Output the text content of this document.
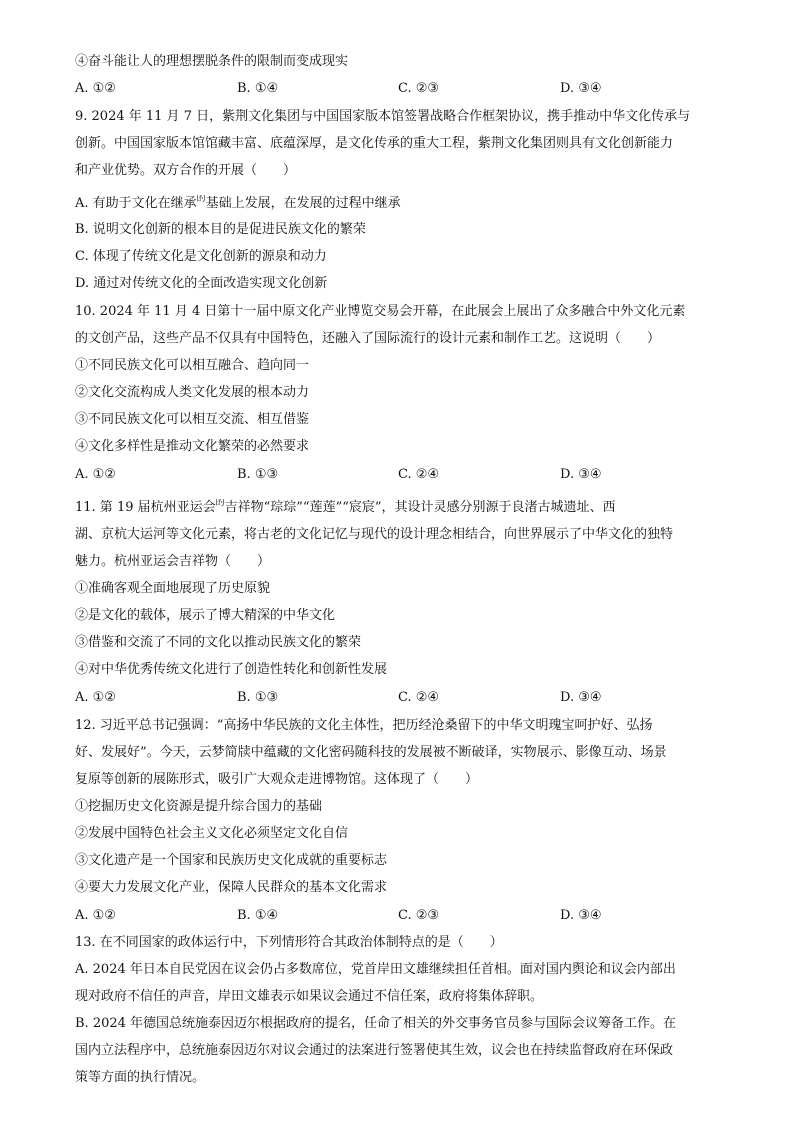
④奋斗能让人的理想摆脱条件的限制而变成现实
A. ①②	B. ①④	C. ②③	D. ③④
9. 2024 年 11 月 7 日，紫荆文化集团与中国国家版本馆签署战略合作框架协议，携手推动中华文化传承与
创新。中国国家版本馆馆藏丰富、底蕴深厚，是文化传承的重大工程，紫荆文化集团则具有文化创新能力
和产业优势。双方合作的开展（　　）
A. 有助于文化在继承$^的$基础上发展，在发展的过程中继承
B. 说明文化创新的根本目的是促进民族文化的繁荣
C. 体现了传统文化是文化创新的源泉和动力
D. 通过对传统文化的全面改造实现文化创新
10. 2024 年 11 月 4 日第十一届中原文化产业博览交易会开幕，在此展会上展出了众多融合中外文化元素
的文创产品，这些产品不仅具有中国特色，还融入了国际流行的设计元素和制作工艺。这说明（　　）
①不同民族文化可以相互融合、趋向同一
②文化交流构成人类文化发展的根本动力
③不同民族文化可以相互交流、相互借鉴
④文化多样性是推动文化繁荣的必然要求
A. ①②	B. ①③	C. ②④	D. ③④
11. 第 19 届杭州亚运会$^的$吉祥物“琮琮”“莲莲”“宸宸”，其设计灵感分别源于良渚古城遗址、西
湖、京杭大运河等文化元素，将古老的文化记忆与现代的设计理念相结合，向世界展示了中华文化的独特
魅力。杭州亚运会吉祥物（　　）
①准确客观全面地展现了历史原貌
②是文化的载体，展示了博大精深的中华文化
③借鉴和交流了不同的文化以推动民族文化的繁荣
④对中华优秀传统文化进行了创造性转化和创新性发展
A. ①②	B. ①③	C. ②④	D. ③④
12. 习近平总书记强调：“高扬中华民族的文化主体性，把历经沧桑留下的中华文明瑰宝呵护好、弘扬
好、发展好”。今天，云梦简牍中蕴藏的文化密码随科技的发展被不断破译，实物展示、影像互动、场景
复原等创新的展陈形式，吸引广大观众走进博物馆。这体现了（　　）
①挖掘历史文化资源是提升综合国力的基础
②发展中国特色社会主义文化必须坚定文化自信
③文化遗产是一个国家和民族历史文化成就的重要标志
④要大力发展文化产业，保障人民群众的基本文化需求
A. ①②	B. ①④	C. ②③	D. ③④
13. 在不同国家的政体运行中，下列情形符合其政治体制特点的是（　　）
A. 2024 年日本自民党因在议会仍占多数席位，党首岸田文雄继续担任首相。面对国内舆论和议会内部出
现对政府不信任的声音，岸田文雄表示如果议会通过不信任案，政府将集体辞职。
B. 2024 年德国总统施泰因迈尔根据政府的提名，任命了相关的外交事务官员参与国际会议筹备工作。在
国内立法程序中，总统施泰因迈尔对议会通过的法案进行签署使其生效，议会也在持续监督政府在环保政
策等方面的执行情况。
